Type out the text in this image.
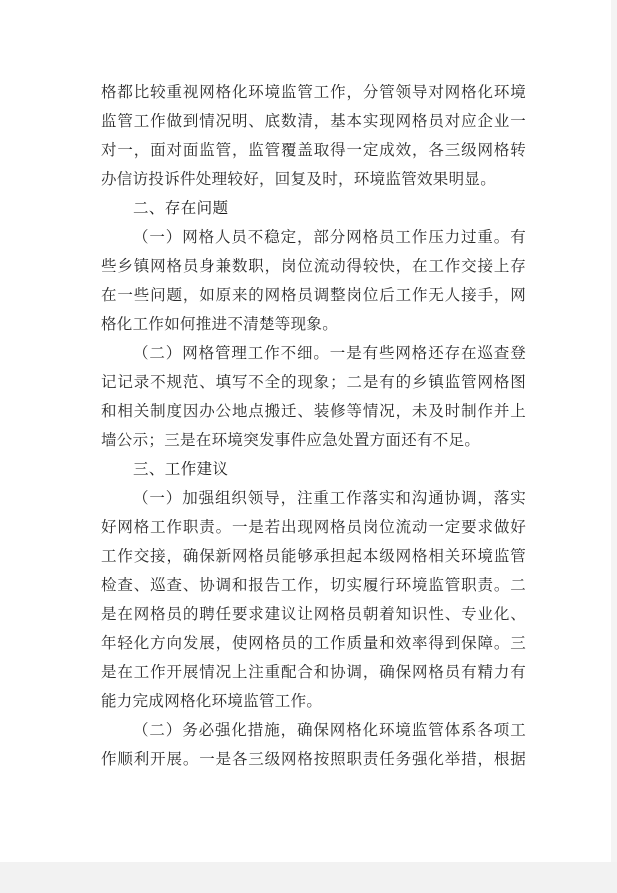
格都比较重视网格化环境监管工作，分管领导对网格化环境
监管工作做到情况明、底数清，基本实现网格员对应企业一
对一，面对面监管，监管覆盖取得一定成效，各三级网格转
办信访投诉件处理较好，回复及时，环境监管效果明显。
二、存在问题
（一）网格人员不稳定，部分网格员工作压力过重。有
些乡镇网格员身兼数职，岗位流动得较快，在工作交接上存
在一些问题，如原来的网格员调整岗位后工作无人接手，网
格化工作如何推进不清楚等现象。
（二）网格管理工作不细。一是有些网格还存在巡查登
记记录不规范、填写不全的现象；二是有的乡镇监管网格图
和相关制度因办公地点搬迁、装修等情况，未及时制作并上
墙公示；三是在环境突发事件应急处置方面还有不足。
三、工作建议
（一）加强组织领导，注重工作落实和沟通协调，落实
好网格工作职责。一是若出现网格员岗位流动一定要求做好
工作交接，确保新网格员能够承担起本级网格相关环境监管
检查、巡查、协调和报告工作，切实履行环境监管职责。二
是在网格员的聘任要求建议让网格员朝着知识性、专业化、
年轻化方向发展，使网格员的工作质量和效率得到保障。三
是在工作开展情况上注重配合和协调，确保网格员有精力有
能力完成网格化环境监管工作。
（二）务必强化措施，确保网格化环境监管体系各项工
作顺利开展。一是各三级网格按照职责任务强化举措，根据
